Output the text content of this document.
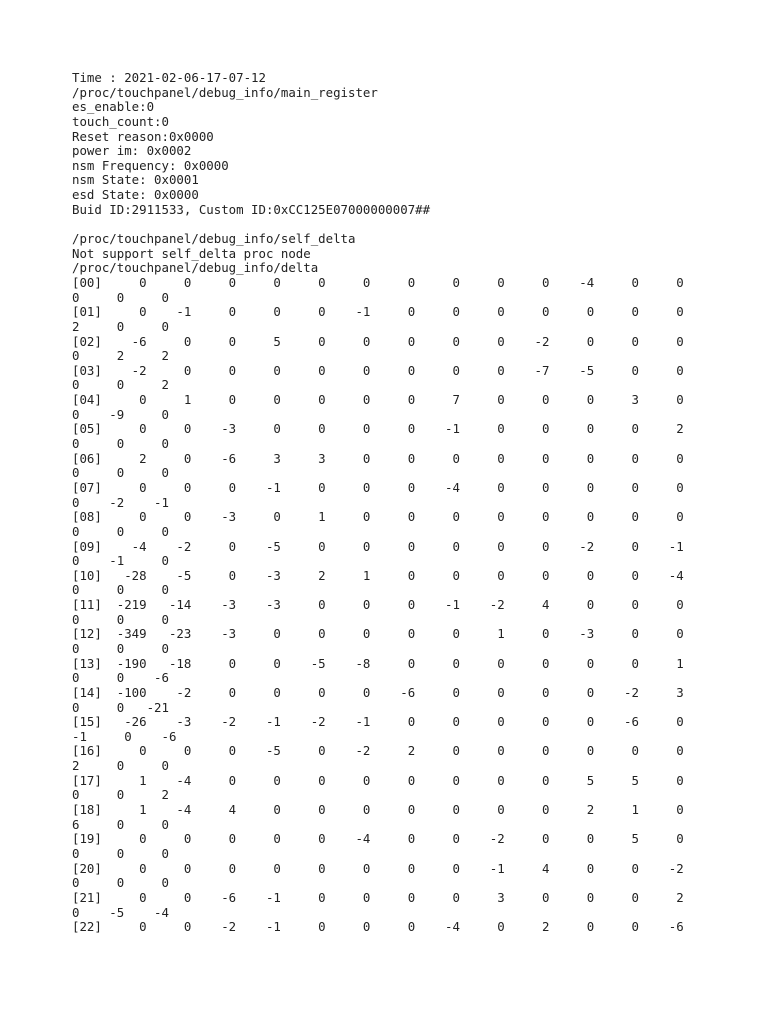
Time : 2021-02-06-17-07-12
/proc/touchpanel/debug_info/main_register
es_enable:0
touch_count:0
Reset reason:0x0000
power im: 0x0002
nsm Frequency: 0x0000
nsm State: 0x0001
esd State: 0x0000
Buid ID:2911533, Custom ID:0xCC125E07000000007##
/proc/touchpanel/debug_info/self_delta
Not support self_delta proc node
/proc/touchpanel/debug_info/delta
[00]     0     0     0     0     0     0     0     0     0     0    -4     0     0
0     0     0
[01]     0    -1     0     0     0    -1     0     0     0     0     0     0     0
2     0     0
[02]    -6     0     0     5     0     0     0     0     0    -2     0     0     0
0     2     2
[03]    -2     0     0     0     0     0     0     0     0    -7    -5     0     0
0     0     2
[04]     0     1     0     0     0     0     0     7     0     0     0     3     0
0    -9     0
[05]     0     0    -3     0     0     0     0    -1     0     0     0     0     2
0     0     0
[06]     2     0    -6     3     3     0     0     0     0     0     0     0     0
0     0     0
[07]     0     0     0    -1     0     0     0    -4     0     0     0     0     0
0    -2    -1
[08]     0     0    -3     0     1     0     0     0     0     0     0     0     0
0     0     0
[09]    -4    -2     0    -5     0     0     0     0     0     0    -2     0    -1
0    -1     0
[10]   -28    -5     0    -3     2     1     0     0     0     0     0     0    -4
0     0     0
[11]  -219   -14    -3    -3     0     0     0    -1    -2     4     0     0     0
0     0     0
[12]  -349   -23    -3     0     0     0     0     0     1     0    -3     0     0
0     0     0
[13]  -190   -18     0     0    -5    -8     0     0     0     0     0     0     1
0     0    -6
[14]  -100    -2     0     0     0     0    -6     0     0     0     0    -2     3
0     0   -21
[15]   -26    -3    -2    -1    -2    -1     0     0     0     0     0    -6     0
-1     0    -6
[16]     0     0     0    -5     0    -2     2     0     0     0     0     0     0
2     0     0
[17]     1    -4     0     0     0     0     0     0     0     0     5     5     0
0     0     2
[18]     1    -4     4     0     0     0     0     0     0     0     2     1     0
6     0     0
[19]     0     0     0     0     0    -4     0     0    -2     0     0     5     0
0     0     0
[20]     0     0     0     0     0     0     0     0    -1     4     0     0    -2
0     0     0
[21]     0     0    -6    -1     0     0     0     0     3     0     0     0     2
0    -5    -4
[22]     0     0    -2    -1     0     0     0    -4     0     2     0     0    -6
